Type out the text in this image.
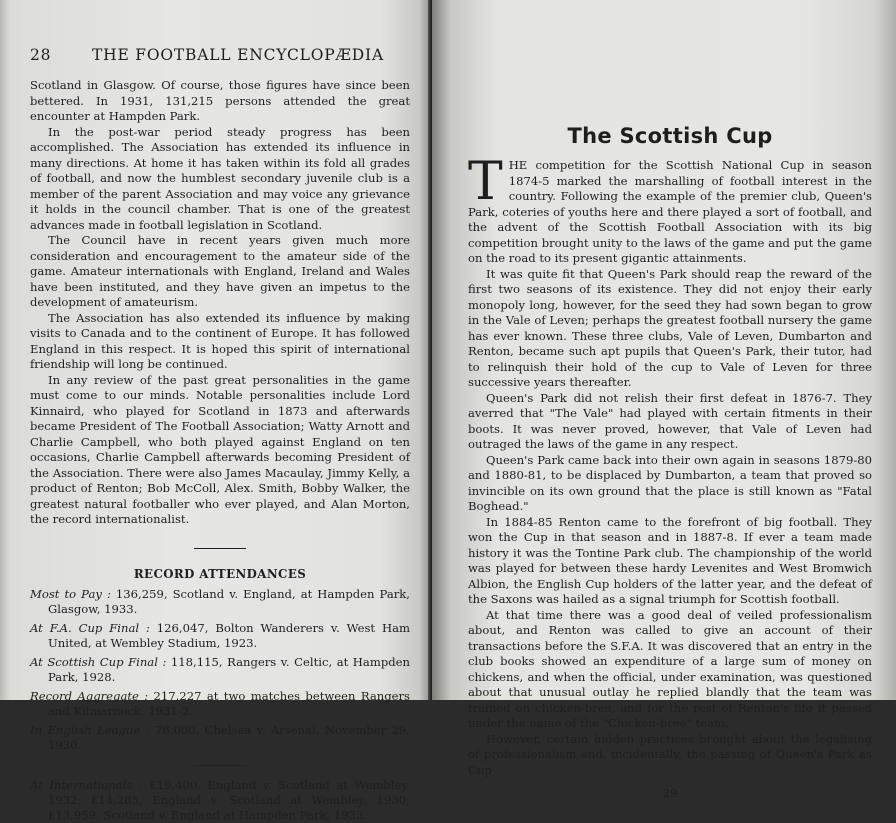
28	THE FOOTBALL ENCYCLOPÆDIA

Scotland in Glasgow. Of course, those figures have since been bettered. In 1931, 131,215 persons attended the great encounter at Hampden Park.

In the post-war period steady progress has been accomplished. The Association has extended its influence in many directions. At home it has taken within its fold all grades of football, and now the humblest secondary juvenile club is a member of the parent Association and may voice any grievance it holds in the council chamber. That is one of the greatest advances made in football legislation in Scotland.

The Council have in recent years given much more consideration and encouragement to the amateur side of the game. Amateur internationals with England, Ireland and Wales have been instituted, and they have given an impetus to the development of amateurism.

The Association has also extended its influence by making visits to Canada and to the continent of Europe. It has followed England in this respect. It is hoped this spirit of international friendship will long be continued.

In any review of the past great personalities in the game must come to our minds. Notable personalities include Lord Kinnaird, who played for Scotland in 1873 and afterwards became President of The Football Association; Watty Arnott and Charlie Campbell, who both played against England on ten occasions, Charlie Campbell afterwards becoming President of the Association. There were also James Macaulay, Jimmy Kelly, a product of Renton; Bob McColl, Alex. Smith, Bobby Walker, the greatest natural footballer who ever played, and Alan Morton, the record internationalist.

RECORD ATTENDANCES
Most to Pay : 136,259, Scotland v. England, at Hampden Park, Glasgow, 1933.
At F.A. Cup Final : 126,047, Bolton Wanderers v. West Ham United, at Wembley Stadium, 1923.
At Scottish Cup Final : 118,115, Rangers v. Celtic, at Hampden Park, 1928.
Record Aggregate : 217,227 at two matches between Rangers and Kilmarnock, 1931-2.
In English League : 76,000, Chelsea v. Arsenal, November 29, 1930.
At Internationals : £19,400, England v. Scotland at Wembley, 1932; £14,285, England v. Scotland at Wembley, 1930; £13,959, Scotland v. England at Hampden Park, 1933.
The Scottish Cup
T HE competition for the Scottish National Cup in season 1874-5 marked the marshalling of football interest in the country. Following the example of the premier club, Queen's Park, coteries of youths here and there played a sort of football, and the advent of the Scottish Football Association with its big competition brought unity to the laws of the game and put the game on the road to its present gigantic attainments.

It was quite fit that Queen's Park should reap the reward of the first two seasons of its existence. They did not enjoy their early monopoly long, however, for the seed they had sown began to grow in the Vale of Leven; perhaps the greatest football nursery the game has ever known. These three clubs, Vale of Leven, Dumbarton and Renton, became such apt pupils that Queen's Park, their tutor, had to relinquish their hold of the cup to Vale of Leven for three successive years thereafter.

Queen's Park did not relish their first defeat in 1876-7. They averred that "The Vale" had played with certain fitments in their boots. It was never proved, however, that Vale of Leven had outraged the laws of the game in any respect.

Queen's Park came back into their own again in seasons 1879-80 and 1880-81, to be displaced by Dumbarton, a team that proved so invincible on its own ground that the place is still known as "Fatal Boghead."

In 1884-85 Renton came to the forefront of big football. They won the Cup in that season and in 1887-8. If ever a team made history it was the Tontine Park club. The championship of the world was played for between these hardy Levenites and West Bromwich Albion, the English Cup holders of the latter year, and the defeat of the Saxons was hailed as a signal triumph for Scottish football.

At that time there was a good deal of veiled professionalism about, and Renton was called to give an account of their transactions before the S.F.A. It was discovered that an entry in the club books showed an expenditure of a large sum of money on chickens, and when the official, under examination, was questioned about that unusual outlay he replied blandly that the team was trained on chicken-bree, and for the rest of Renton's life it passed under the name of the "Chicken-bree" team.

However, certain hidden practices brought about the legalising of professionalism and, incidentally, the passing of Queen's Park as Cup

29
